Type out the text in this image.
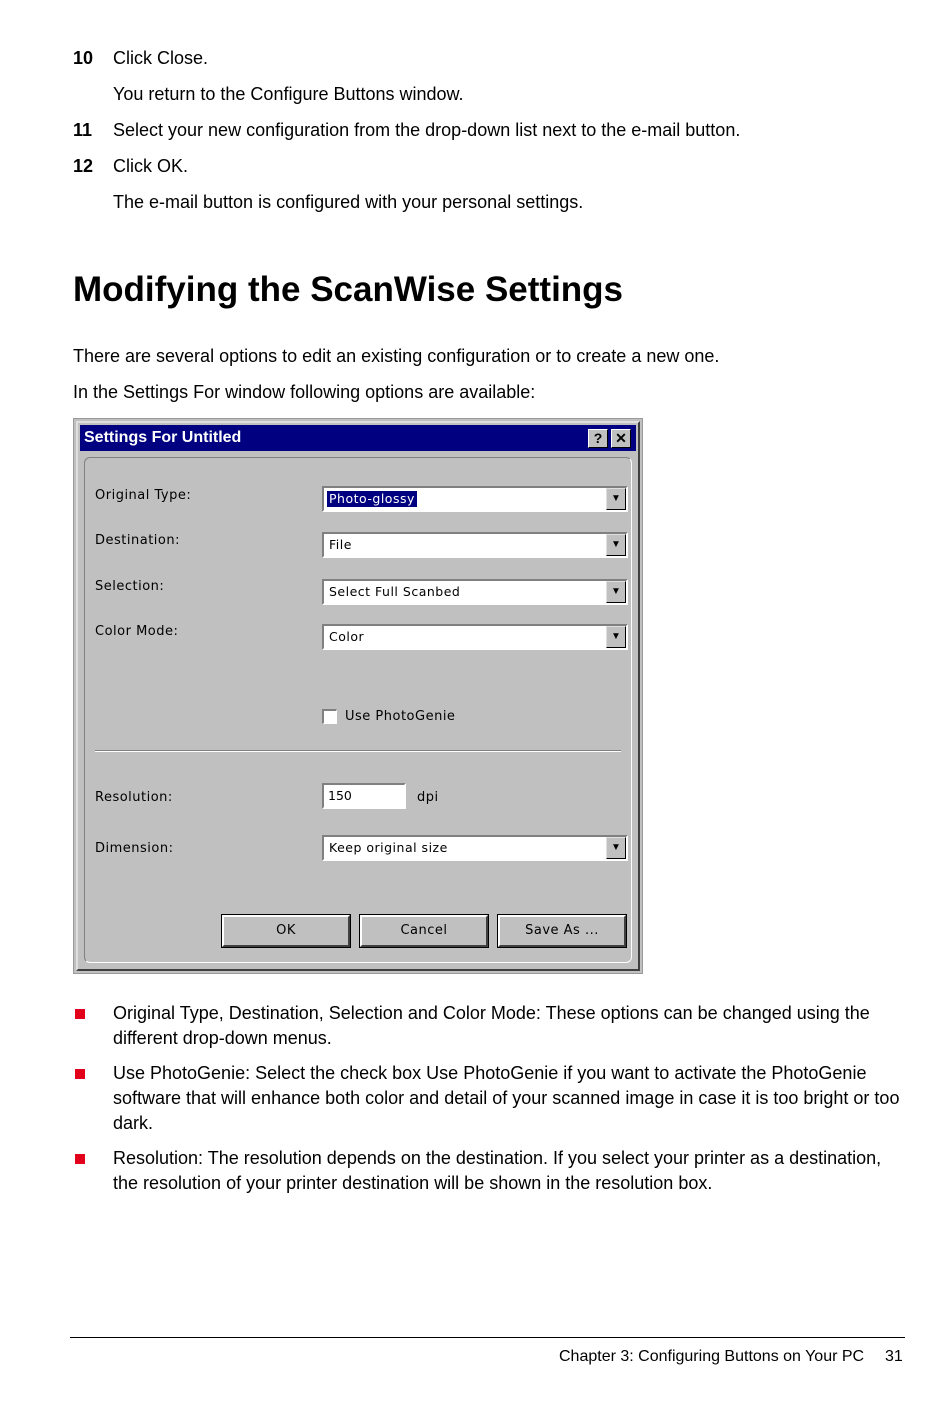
10 Click Close.
You return to the Configure Buttons window.
11 Select your new configuration from the drop-down list next to the e-mail button.
12 Click OK.
The e-mail button is configured with your personal settings.
Modifying the ScanWise Settings
There are several options to edit an existing configuration or to create a new one.
In the Settings For window following options are available:
Settings For Untitled	? ✕
Original Type:	Photo-glossy	▼
Destination:	File	▼
Selection:	Select Full Scanbed	▼
Color Mode:	Color	▼
Use PhotoGenie
Resolution:	150	dpi
Dimension:	Keep original size	▼
OK	Cancel	Save As ...
Original Type, Destination, Selection and Color Mode: These options can be changed using the different drop-down menus.
Use PhotoGenie: Select the check box Use PhotoGenie if you want to activate the PhotoGenie software that will enhance both color and detail of your scanned image in case it is too bright or too dark.
Resolution: The resolution depends on the destination. If you select your printer as a destination, the resolution of your printer destination will be shown in the resolution box.
Chapter 3: Configuring Buttons on Your PC 31
